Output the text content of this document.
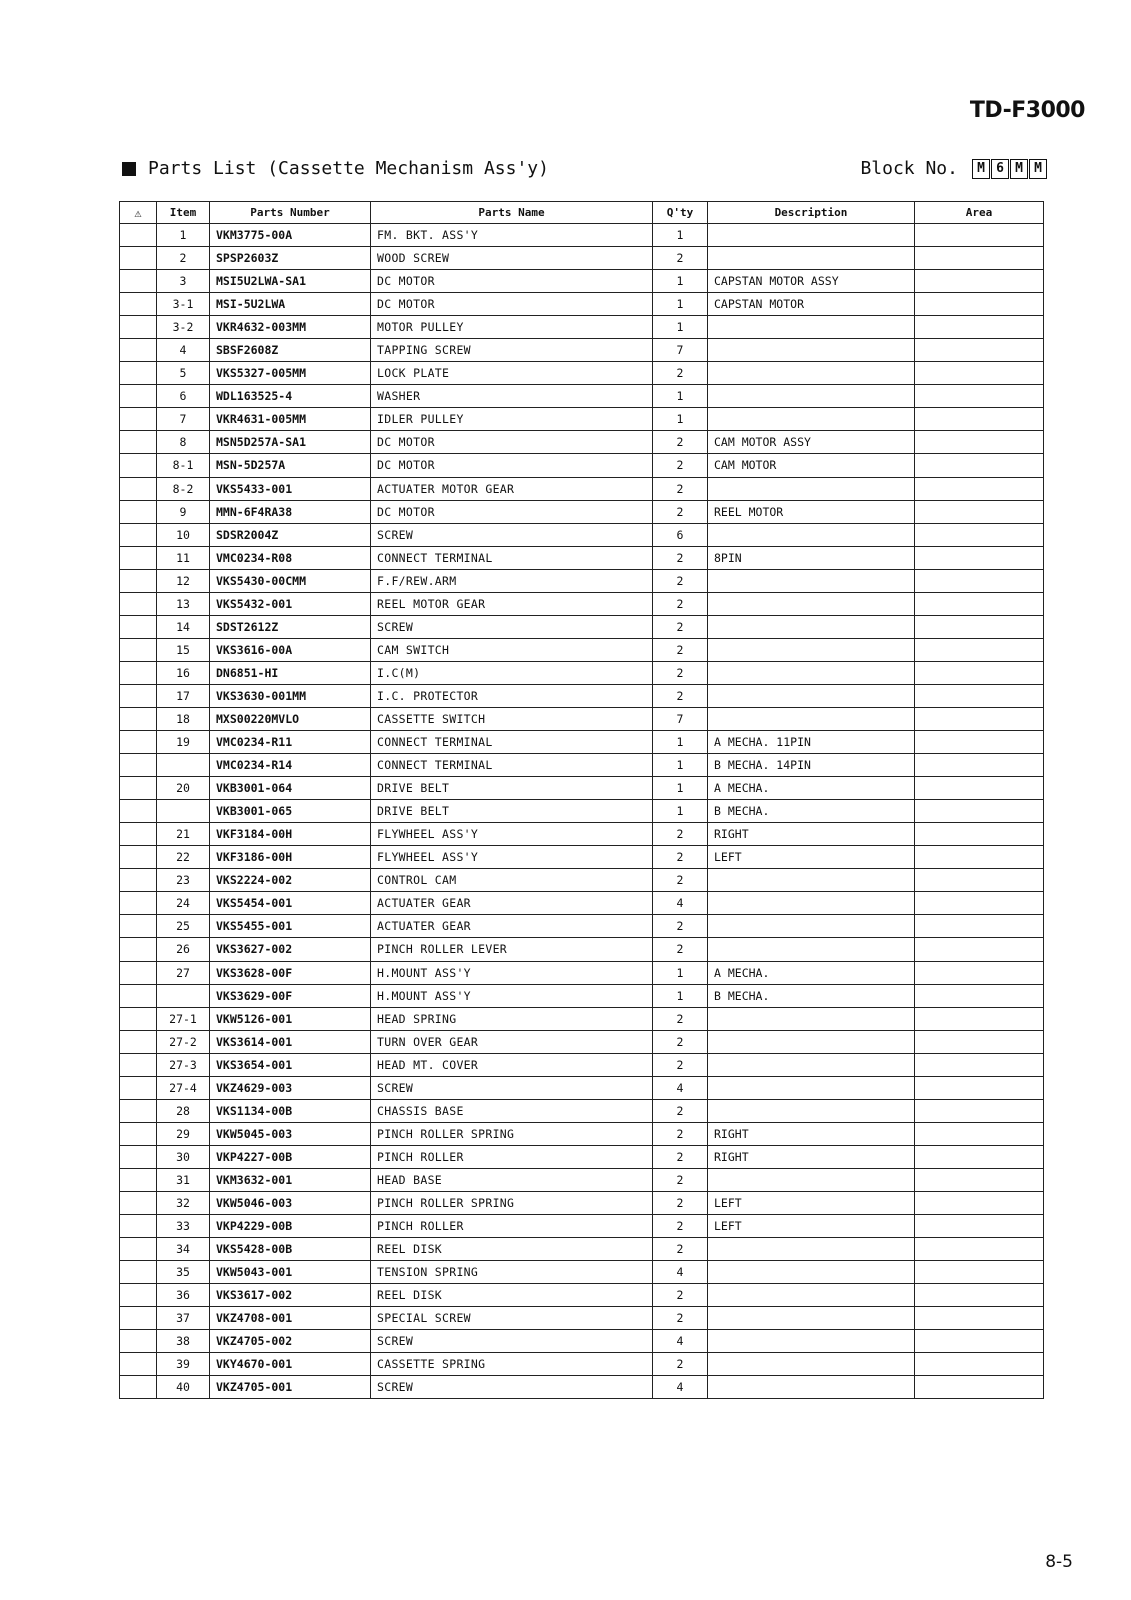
TD-F3000
Parts List (Cassette Mechanism Ass'y)	Block No.	M 6 M M
⚠	Item	Parts Number	Parts Name	Q'ty	Description	Area
	1	VKM3775-00A	FM. BKT. ASS'Y	1		
	2	SPSP2603Z	WOOD SCREW	2		
	3	MSI5U2LWA-SA1	DC MOTOR	1	CAPSTAN MOTOR ASSY	
	3-1	MSI-5U2LWA	DC MOTOR	1	CAPSTAN MOTOR	
	3-2	VKR4632-003MM	MOTOR PULLEY	1		
	4	SBSF2608Z	TAPPING SCREW	7		
	5	VKS5327-005MM	LOCK PLATE	2		
	6	WDL163525-4	WASHER	1		
	7	VKR4631-005MM	IDLER PULLEY	1		
	8	MSN5D257A-SA1	DC MOTOR	2	CAM MOTOR ASSY	
	8-1	MSN-5D257A	DC MOTOR	2	CAM MOTOR	
	8-2	VKS5433-001	ACTUATER MOTOR GEAR	2		
	9	MMN-6F4RA38	DC MOTOR	2	REEL MOTOR	
	10	SDSR2004Z	SCREW	6		
	11	VMC0234-R08	CONNECT TERMINAL	2	8PIN	
	12	VKS5430-00CMM	F.F/REW.ARM	2		
	13	VKS5432-001	REEL MOTOR GEAR	2		
	14	SDST2612Z	SCREW	2		
	15	VKS3616-00A	CAM SWITCH	2		
	16	DN6851-HI	I.C(M)	2		
	17	VKS3630-001MM	I.C. PROTECTOR	2		
	18	MXS00220MVLO	CASSETTE SWITCH	7		
	19	VMC0234-R11	CONNECT TERMINAL	1	A MECHA. 11PIN	
		VMC0234-R14	CONNECT TERMINAL	1	B MECHA. 14PIN	
	20	VKB3001-064	DRIVE BELT	1	A MECHA.	
		VKB3001-065	DRIVE BELT	1	B MECHA.	
	21	VKF3184-00H	FLYWHEEL ASS'Y	2	RIGHT	
	22	VKF3186-00H	FLYWHEEL ASS'Y	2	LEFT	
	23	VKS2224-002	CONTROL CAM	2		
	24	VKS5454-001	ACTUATER GEAR	4		
	25	VKS5455-001	ACTUATER GEAR	2		
	26	VKS3627-002	PINCH ROLLER LEVER	2		
	27	VKS3628-00F	H.MOUNT ASS'Y	1	A MECHA.	
		VKS3629-00F	H.MOUNT ASS'Y	1	B MECHA.	
	27-1	VKW5126-001	HEAD SPRING	2		
	27-2	VKS3614-001	TURN OVER GEAR	2		
	27-3	VKS3654-001	HEAD MT. COVER	2		
	27-4	VKZ4629-003	SCREW	4		
	28	VKS1134-00B	CHASSIS BASE	2		
	29	VKW5045-003	PINCH ROLLER SPRING	2	RIGHT	
	30	VKP4227-00B	PINCH ROLLER	2	RIGHT	
	31	VKM3632-001	HEAD BASE	2		
	32	VKW5046-003	PINCH ROLLER SPRING	2	LEFT	
	33	VKP4229-00B	PINCH ROLLER	2	LEFT	
	34	VKS5428-00B	REEL DISK	2		
	35	VKW5043-001	TENSION SPRING	4		
	36	VKS3617-002	REEL DISK	2		
	37	VKZ4708-001	SPECIAL SCREW	2		
	38	VKZ4705-002	SCREW	4		
	39	VKY4670-001	CASSETTE SPRING	2		
	40	VKZ4705-001	SCREW	4		
8-5
